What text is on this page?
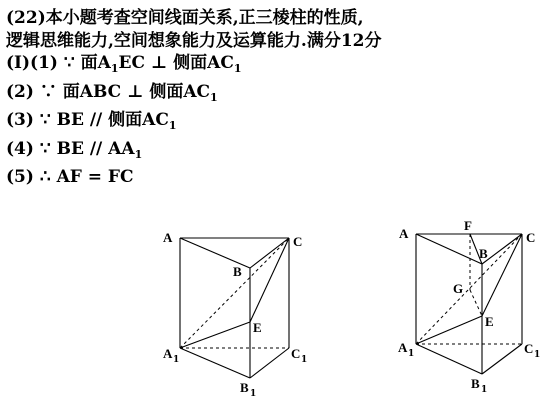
(22)本小题考查空间线面关系,正三棱柱的性质,

逻辑思维能力,空间想象能力及运算能力.满分12分

(I)(1) ∵ 面$A_1EC$ ⊥ 侧面$AC_1$

(2) ∵ 面ABC ⊥ 侧面$AC_1$

(3) ∵ BE // 侧面$AC_1$

(4) ∵ BE // $AA_1$

(5) ∴ AF = FC

A
B
C
E
A 1
B 1
C 1
A
F
B
C
G
E
A 1
B 1
C 1
